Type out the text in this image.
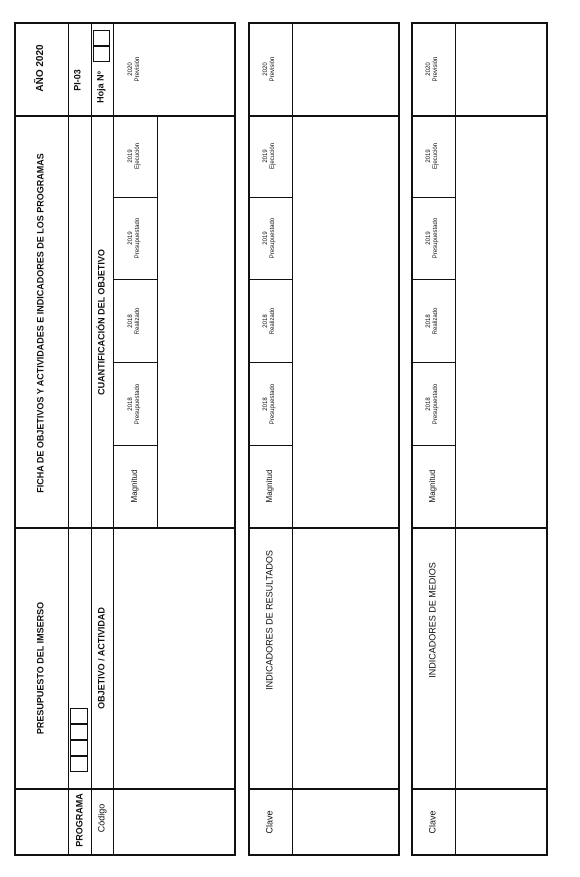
PRESUPUESTO DEL IMSERSO
FICHA DE OBJETIVOS Y ACTIVIDADES E INDICADORES DE LOS PROGRAMAS
AÑO 2020
PROGRAMA
PI-03 Hoja Nº
Código
OBJETIVO / ACTIVIDAD
CUANTIFICACIÓN DEL OBJETIVO
Magnitud
2018 Presupuestado
2018 Realizado
2019 Presupuestado
2019 Ejecución
2020 Previsión
Clave
INDICADORES DE RESULTADOS
Magnitud
2018 Presupuestado
2018 Realizado
2019 Presupuestado
2019 Ejecución
2020 Previsión
Clave
INDICADORES DE MEDIOS
Magnitud
2018 Presupuestado
2018 Realizado
2019 Presupuestado
2019 Ejecución
2020 Previsión
